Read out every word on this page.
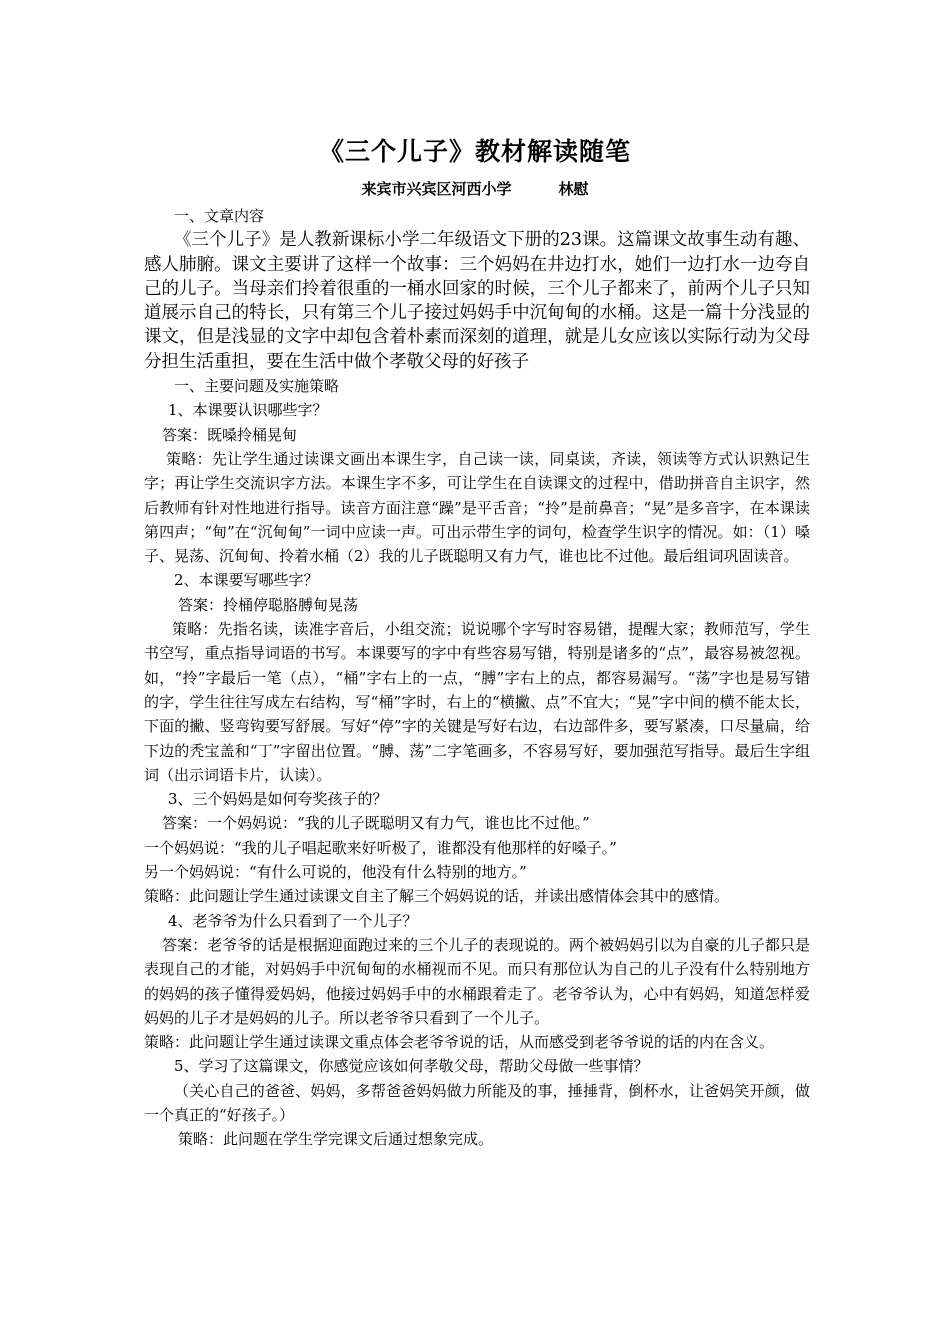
《三个儿子》教材解读随笔
来宾市兴宾区河西小学         林慰

一、文章内容

《三个儿子》是人教新课标小学二年级语文下册的23课。这篇课文故事生动有趣、感人肺腑。课文主要讲了这样一个故事：三个妈妈在井边打水，她们一边打水一边夸自己的儿子。当母亲们拎着很重的一桶水回家的时候，三个儿子都来了，前两个儿子只知道展示自己的特长，只有第三个儿子接过妈妈手中沉甸甸的水桶。这是一篇十分浅显的课文，但是浅显的文字中却包含着朴素而深刻的道理，就是儿女应该以实际行动为父母分担生活重担，要在生活中做个孝敬父母的好孩子

一、主要问题及实施策略

1、本课要认识哪些字？

答案：既嗓拎桶晃甸

策略：先让学生通过读课文画出本课生字，自己读一读，同桌读，齐读，领读等方式认识熟记生字；再让学生交流识字方法。本课生字不多，可让学生在自读课文的过程中，借助拼音自主识字，然后教师有针对性地进行指导。读音方面注意“躁”是平舌音；“拎”是前鼻音；“晃”是多音字，在本课读第四声；“甸”在“沉甸甸”一词中应读一声。可出示带生字的词句，检查学生识字的情况。如：（1）嗓子、晃荡、沉甸甸、拎着水桶（2）我的儿子既聪明又有力气，谁也比不过他。最后组词巩固读音。

2、本课要写哪些字？

答案：拎桶停聪胳膊甸晃荡

策略：先指名读，读准字音后，小组交流；说说哪个字写时容易错，提醒大家；教师范写，学生书空写，重点指导词语的书写。本课要写的字中有些容易写错，特别是诸多的“点”，最容易被忽视。如，“拎”字最后一笔（点），“桶”字右上的一点，“膊”字右上的点，都容易漏写。“荡”字也是易写错的字，学生往往写成左右结构，写“桶”字时，右上的“横撇、点”不宜大；“晃”字中间的横不能太长，下面的撇、竖弯钩要写舒展。写好“停”字的关键是写好右边，右边部件多，要写紧凑，口尽量扁，给下边的秃宝盖和“丁”字留出位置。“膊、荡”二字笔画多，不容易写好，要加强范写指导。最后生字组词（出示词语卡片，认读）。

3、三个妈妈是如何夸奖孩子的？

答案：一个妈妈说：“我的儿子既聪明又有力气，谁也比不过他。”

一个妈妈说：“我的儿子唱起歌来好听极了，谁都没有他那样的好嗓子。”

另一个妈妈说：“有什么可说的，他没有什么特别的地方。”

策略：此问题让学生通过读课文自主了解三个妈妈说的话，并读出感情体会其中的感情。

4、老爷爷为什么只看到了一个儿子？

答案：老爷爷的话是根据迎面跑过来的三个儿子的表现说的。两个被妈妈引以为自豪的儿子都只是表现自己的才能，对妈妈手中沉甸甸的水桶视而不见。而只有那位认为自己的儿子没有什么特别地方的妈妈的孩子懂得爱妈妈，他接过妈妈手中的水桶跟着走了。老爷爷认为，心中有妈妈，知道怎样爱妈妈的儿子才是妈妈的儿子。所以老爷爷只看到了一个儿子。

策略：此问题让学生通过读课文重点体会老爷爷说的话，从而感受到老爷爷说的话的内在含义。

5、学习了这篇课文，你感觉应该如何孝敬父母，帮助父母做一些事情？

（关心自己的爸爸、妈妈，多帮爸爸妈妈做力所能及的事，捶捶背，倒杯水，让爸妈笑开颜，做一个真正的“好孩子。）

策略：此问题在学生学完课文后通过想象完成。
